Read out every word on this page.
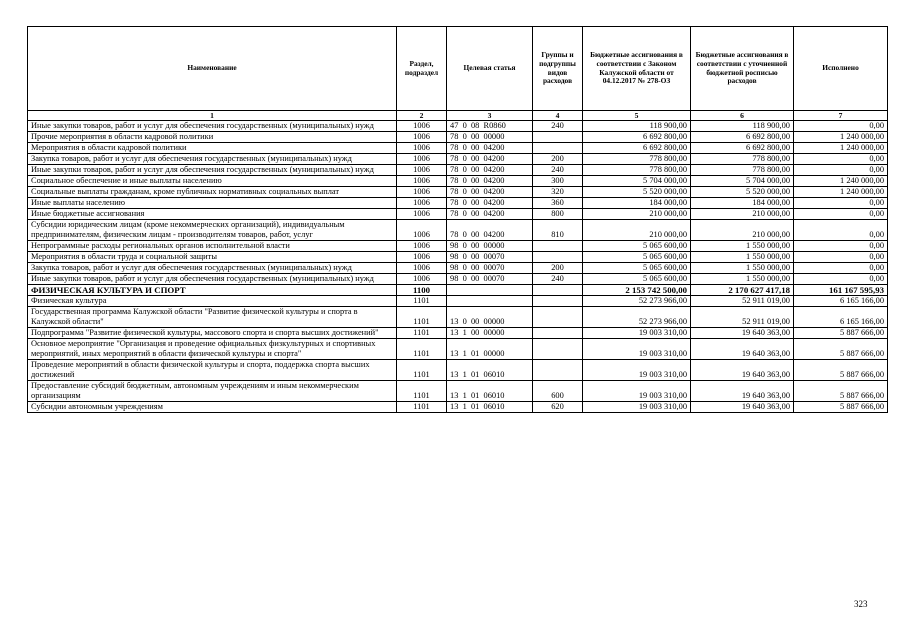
Наименование	Раздел, подраздел	Целевая статья	Группы и подгруппы видов расходов	Бюджетные ассигнования в соответствии с Законом Калужской области от 04.12.2017 № 278-ОЗ	Бюджетные ассигнования в соответствии с уточненной бюджетной росписью расходов	Исполнено
1	2	3	4	5	6	7
Иные закупки товаров, работ и услуг для обеспечения государственных (муниципальных) нужд	1006	47  0  08  R0860	240	118 900,00	118 900,00	0,00
Прочие мероприятия в области кадровой политики	1006	78  0  00  00000		6 692 800,00	6 692 800,00	1 240 000,00
Мероприятия в области кадровой политики	1006	78  0  00  04200		6 692 800,00	6 692 800,00	1 240 000,00
Закупка товаров, работ и услуг для обеспечения государственных (муниципальных) нужд	1006	78  0  00  04200	200	778 800,00	778 800,00	0,00
Иные закупки товаров, работ и услуг для обеспечения государственных (муниципальных) нужд	1006	78  0  00  04200	240	778 800,00	778 800,00	0,00
Социальное обеспечение и иные выплаты населению	1006	78  0  00  04200	300	5 704 000,00	5 704 000,00	1 240 000,00
Социальные выплаты гражданам, кроме публичных нормативных социальных выплат	1006	78  0  00  04200	320	5 520 000,00	5 520 000,00	1 240 000,00
Иные выплаты населению	1006	78  0  00  04200	360	184 000,00	184 000,00	0,00
Иные бюджетные ассигнования	1006	78  0  00  04200	800	210 000,00	210 000,00	0,00
Субсидии юридическим лицам (кроме некоммерческих организаций), индивидуальным предпринимателям, физическим лицам - производителям товаров, работ, услуг	1006	78  0  00  04200	810	210 000,00	210 000,00	0,00
Непрограммные расходы региональных органов исполнительной власти	1006	98  0  00  00000		5 065 600,00	1 550 000,00	0,00
Мероприятия в области труда и социальной защиты	1006	98  0  00  00070		5 065 600,00	1 550 000,00	0,00
Закупка товаров, работ и услуг для обеспечения государственных (муниципальных) нужд	1006	98  0  00  00070	200	5 065 600,00	1 550 000,00	0,00
Иные закупки товаров, работ и услуг для обеспечения государственных (муниципальных) нужд	1006	98  0  00  00070	240	5 065 600,00	1 550 000,00	0,00
ФИЗИЧЕСКАЯ КУЛЬТУРА И СПОРТ	1100			2 153 742 500,00	2 170 627 417,18	161 167 595,93
Физическая культура	1101			52 273 966,00	52 911 019,00	6 165 166,00
Государственная программа Калужской области "Развитие физической культуры и спорта в Калужской области"	1101	13  0  00  00000		52 273 966,00	52 911 019,00	6 165 166,00
Подпрограмма "Развитие физической культуры, массового спорта и спорта высших достижений"	1101	13  1  00  00000		19 003 310,00	19 640 363,00	5 887 666,00
Основное мероприятие "Организация и проведение официальных физкультурных и спортивных мероприятий, иных мероприятий в области физической культуры и спорта"	1101	13  1  01  00000		19 003 310,00	19 640 363,00	5 887 666,00
Проведение мероприятий в области физической культуры и спорта, поддержка спорта высших достижений	1101	13  1  01  06010		19 003 310,00	19 640 363,00	5 887 666,00
Предоставление субсидий бюджетным, автономным учреждениям и иным некоммерческим организациям	1101	13  1  01  06010	600	19 003 310,00	19 640 363,00	5 887 666,00
Субсидии автономным учреждениям	1101	13  1  01  06010	620	19 003 310,00	19 640 363,00	5 887 666,00
323
